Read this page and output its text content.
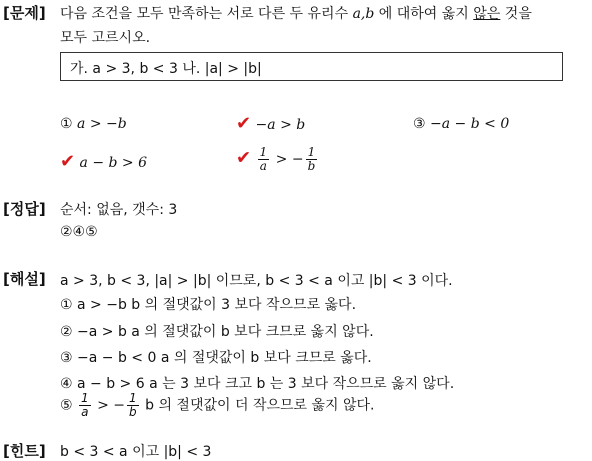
[문제] 다음 조건을 모두 만족하는 서로 다른 두 유리수 a,b 에 대하여 옳지 않은 것을
모두 고르시오.
가. a > 3, b < 3 나. |a| > |b|
① a > −b	✔ −a > b	③ −a − b < 0
✔ a − b > 6	✔ $\frac{1}{a}$ > − $\frac{1}{b}$
[정답] 순서: 없음, 갯수: 3
②④⑤
[해설] a > 3, b < 3, |a| > |b| 이므로, b < 3 < a 이고 |b| < 3 이다.
① a > −b b 의 절댓값이 3 보다 작으므로 옳다.
② −a > b a 의 절댓값이 b 보다 크므로 옳지 않다.
③ −a − b < 0 a 의 절댓값이 b 보다 크므로 옳다.
④ a − b > 6 a 는 3 보다 크고 b 는 3 보다 작으므로 옳지 않다.
⑤ $\frac{1}{a}$ > − $\frac{1}{b}$ b 의 절댓값이 더 작으므로 옳지 않다.
[힌트] b < 3 < a 이고 |b| < 3
